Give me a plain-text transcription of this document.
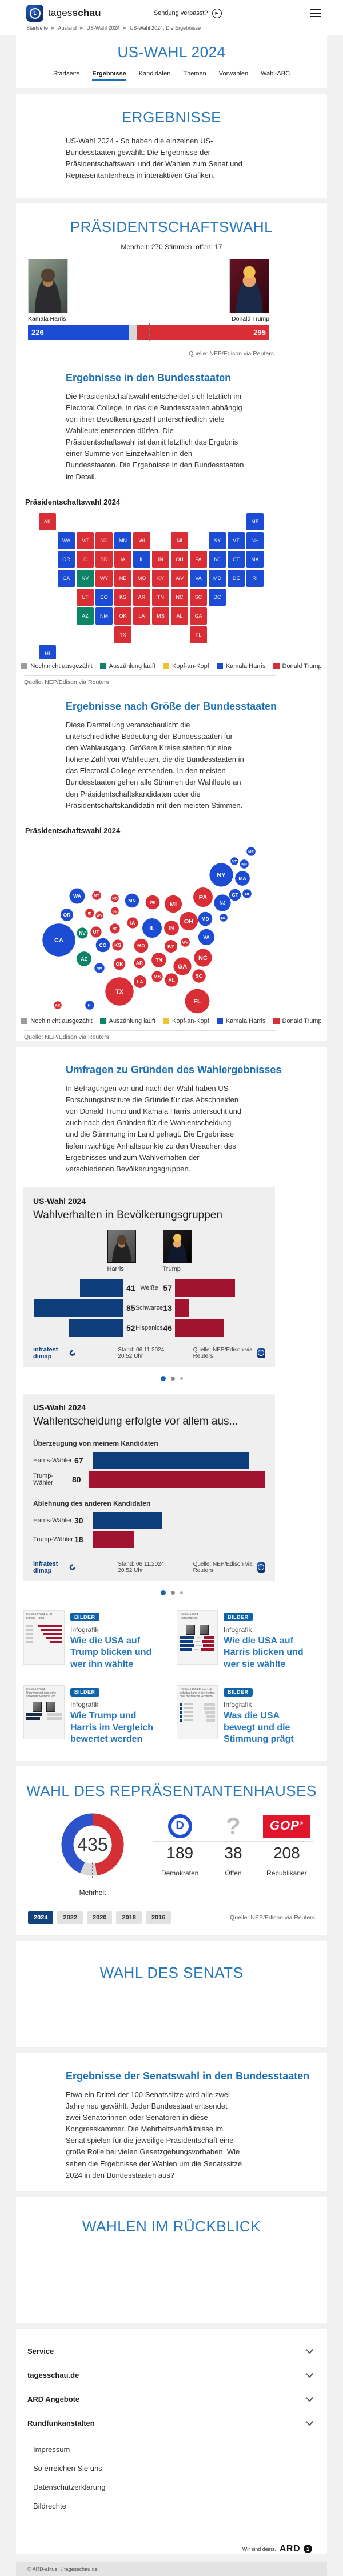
1	tagesschau	Sendung verpasst?	▶
Startseite ▶ Ausland ▶ US-Wahl 2024 ▶ US-Wahl 2024: Die Ergebnisse
US-WAHL 2024
Startseite Ergebnisse Kandidaten Themen Vorwahlen Wahl-ABC
ERGEBNISSE

US-Wahl 2024 - So haben die einzelnen US-Bundesstaaten gewählt: Die Ergebnisse der Präsidentschaftswahl und der Wahlen zum Senat und Repräsentantenhaus in interaktiven Grafiken.

PRÄSIDENTSCHAFTSWAHL
Mehrheit: 270 Stimmen, offen: 17
Kamala Harris	Donald Trump
226	295
Quelle: NEP/Edison via Reuters
Ergebnisse in den Bundesstaaten

Die Präsidentschaftswahl entscheidet sich letztlich im Electoral College, in das die Bundesstaaten abhängig von ihrer Bevölkerungszahl unterschiedlich viele Wahlleute entsenden dürfen. Die Präsidentschaftswahl ist damit letztlich das Ergebnis einer Summe von Einzelwahlen in den Bundesstaaten. Die Ergebnisse in den Bundesstaaten im Detail.

Präsidentschaftswahl 2024
AK	ME
WA MT ND MN WI	MI	NY VT NH
OR ID SD IA	IL	IN OH PA NJ CT MA
CA NV WY NE MO KY WV VA MD DE RI
UT CO KS AR TN NC SC DC
AZ NM OK LA MS AL GA
TX	FL
HI
Noch nicht ausgezählt	Auszählung läuft	Kopf-an-Kopf	Kamala Harris	Donald Trump
Quelle: NEP/Edison via Reuters
Ergebnisse nach Größe der Bundesstaaten

Diese Darstellung veranschaulicht die unterschiedliche Bedeutung der Bundesstaaten für den Wahlausgang. Größere Kreise stehen für eine höhere Zahl von Wahlleuten, die die Bundesstaaten in das Electoral College entsenden. In den meisten Bundesstaaten gehen alle Stimmen der Wahlleute an den Präsidentschaftskandidaten oder die Präsidentschaftskandidatin mit den meisten Stimmen.

Präsidentschaftswahl 2024
ME
VT
NH
NY	MA
RI
CT
NJ
DE
MD
PA
WA	MT
ND MN	WI MI
OR	ID
WY
SD
IA
NE	IL	IN
OH
WV
VA
KY
MO
KS
CO
UT
NV
CA
AZ
NM
OK	AR	TN	NC
GA
SC
MS
AL
LA
TX
FL
AK	HI
Noch nicht ausgezählt	Auszählung läuft	Kopf-an-Kopf	Kamala Harris	Donald Trump
Quelle: NEP/Edison via Reuters
Umfragen zu Gründen des Wahlergebnisses

In Befragungen vor und nach der Wahl haben US-Forschungsinstitute die Gründe für das Abschneiden von Donald Trump und Kamala Harris untersucht und auch nach den Gründen für die Wahlentscheidung und die Stimmung im Land gefragt. Die Ergebnisse liefern wichtige Anhaltspunkte zu den Ursachen des Ergebnisses und zum Wahlverhalten der verschiedenen Bevölkerungsgruppen.

US-Wahl 2024
Wahlverhalten in Bevölkerungsgruppen
Harris	Trump
41 Weiße 57
85 Schwarze 13
52 Hispanics 46
infratest dimap
Stand: 06.11.2024, 20:52 Uhr
Quelle: NEP/Edison via Reuters
US-Wahl 2024
Wahlentscheidung erfolgte vor allem aus...
Überzeugung von meinem Kandidaten
Harris-Wähler 67
Trump-Wähler	80
Ablehnung des anderen Kandidaten
Harris-Wähler 30
Trump-Wähler 18
infratest dimap
Stand: 06.11.2024, 20:52 Uhr
Quelle: NEP/Edison via Reuters
US-Wahl 2024 Profil Donald Trump	BILDER
Infografik
Wie die USA auf Trump blicken und wer ihn wählte
US-Wahl 2024 Profilvergleich	BILDER
Infografik
Wie die USA auf Harris blicken und wer sie wählte
US-Wahl 2024 Überwiegend gute oder schlechte Meinung von...
BILDER
Infografik
Wie Trump und Harris im Vergleich bewertet werden
US-Wahl 2024 Entwickelt sich das Land in die richtige oder die falsche Richtung?
BILDER
Infografik
Was die USA bewegt und die Stimmung prägt
WAHL DES REPRÄSENTANTENHAUSES
435
Mehrheit
D	?	GOP®
189	38	208
Demokraten	Offen	Republikaner
2024	2022	2020	2018	2016	Quelle: NEP/Edison via Reuters
WAHL DES SENATS
Ergebnisse der Senatswahl in den Bundesstaaten

Etwa ein Drittel der 100 Senatssitze wird alle zwei Jahre neu gewählt. Jeder Bundesstaat entsendet zwei Senatorinnen oder Senatoren in diese Kongresskammer. Die Mehrheitsverhältnisse im Senat spielen für die jeweilige Präsidentschaft eine große Rolle bei vielen Gesetzgebungsvorhaben. Wie sehen die Ergebnisse der Wahlen um die Senatssitze 2024 in den Bundesstaaten aus?

WAHLEN IM RÜCKBLICK
Service
tagesschau.de
ARD Angebote
Rundfunkanstalten
Impressum
So erreichen Sie uns
Datenschutzerklärung
Bildrechte
Wir sind deins. ARD	1
© ARD-aktuell / tagesschau.de
